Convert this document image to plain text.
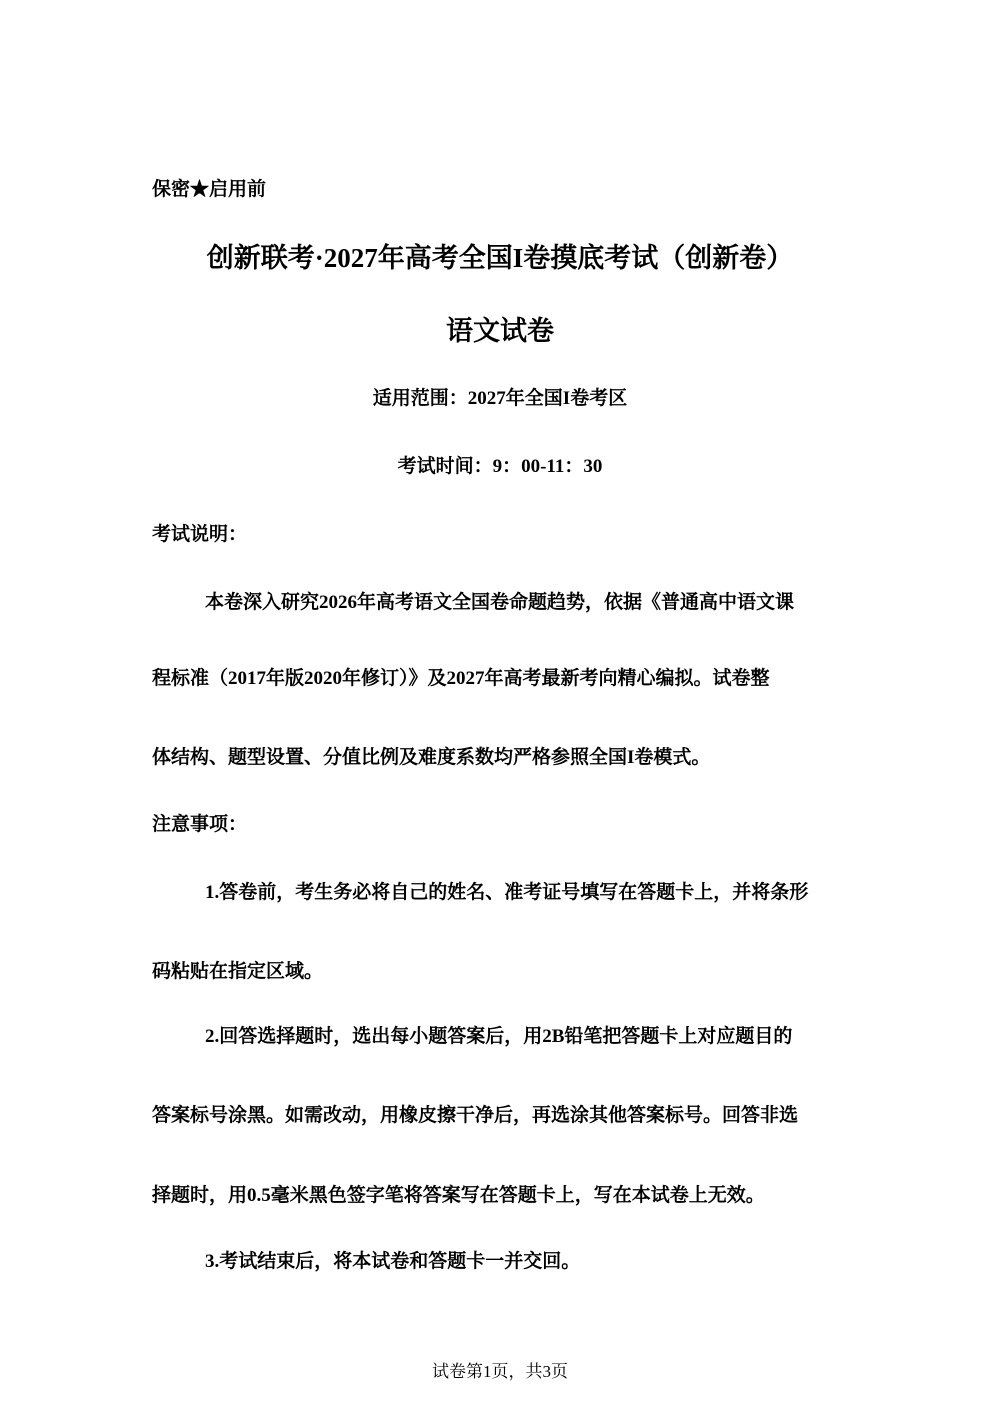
保密★启用前
创新联考·2027年高考全国I卷摸底考试（创新卷）
语文试卷
适用范围：2027年全国I卷考区
考试时间：9：00-11：30
考试说明：
本卷深入研究2026年高考语文全国卷命题趋势，依据《普通高中语文课
程标准（2017年版2020年修订）》及2027年高考最新考向精心编拟。试卷整
体结构、题型设置、分值比例及难度系数均严格参照全国I卷模式。
注意事项：
1.答卷前，考生务必将自己的姓名、准考证号填写在答题卡上，并将条形
码粘贴在指定区域。
2.回答选择题时，选出每小题答案后，用2B铅笔把答题卡上对应题目的
答案标号涂黑。如需改动，用橡皮擦干净后，再选涂其他答案标号。回答非选
择题时，用0.5毫米黑色签字笔将答案写在答题卡上，写在本试卷上无效。
3.考试结束后，将本试卷和答题卡一并交回。
试卷第1页，共3页
